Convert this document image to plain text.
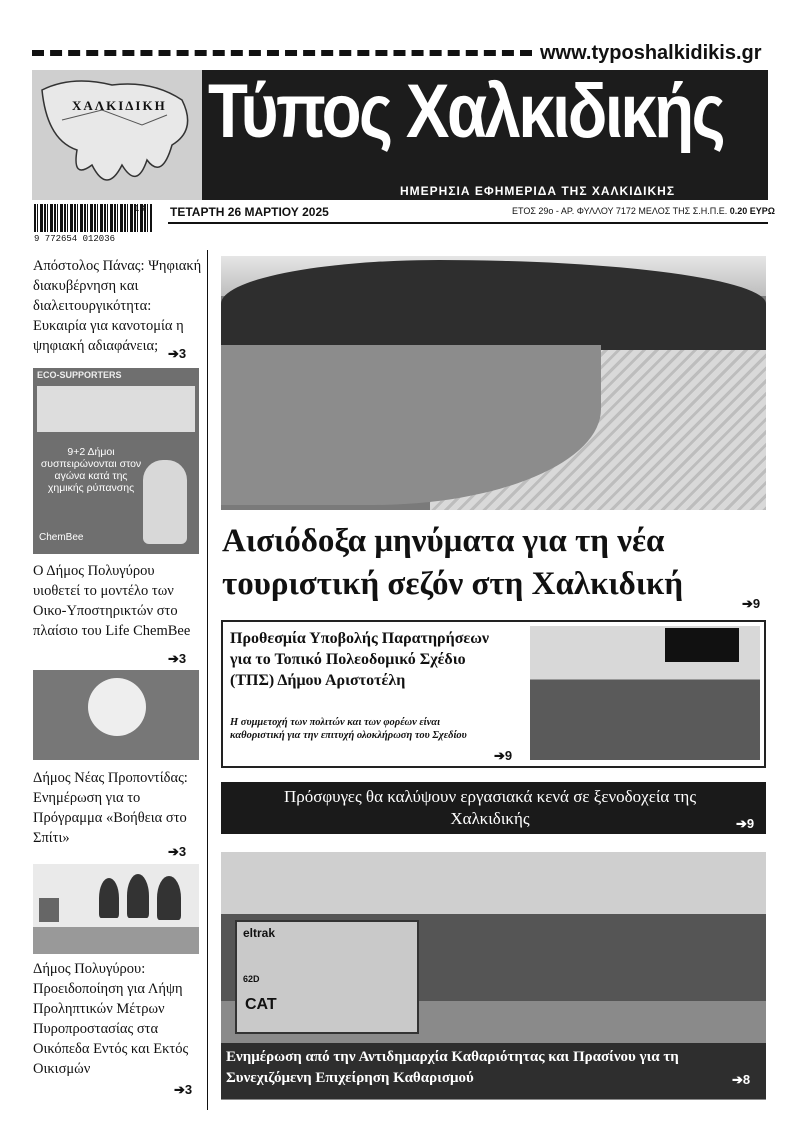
www.typoshalkidikis.gr
ΧΑΛΚΙΔΙΚΗ Τύπος Χαλκιδικής
ΗΜΕΡΗΣΙΑ ΕΦΗΜΕΡΙΔΑ ΤΗΣ ΧΑΛΚΙΔΙΚΗΣ
13
9 772654 012036
ΤΕΤΑΡΤΗ 26 ΜΑΡΤΙΟΥ 2025	ΕΤΟΣ 29ο - ΑΡ. ΦΥΛΛΟΥ 7172 ΜΕΛΟΣ ΤΗΣ Σ.Η.Π.Ε. 0.20 ΕΥΡΩ
Απόστολος Πάνας: Ψηφιακή διακυβέρνηση και διαλειτουργικότητα: Ευκαιρία για κανοτομία η ψηφιακή αδιαφάνεια; ➔3
ECO-SUPPORTERS
9+2 Δήμοι συσπειρώνονται στον αγώνα κατά της χημικής ρύπανσης
ChemBee
Ο Δήμος Πολυγύρου υιοθετεί το μοντέλο των Οικο-Υποστηρικτών στο πλαίσιο του Life ChemBee
➔3
Δήμος Νέας Προποντίδας: Ενημέρωση για το Πρόγραμμα «Βοήθεια στο Σπίτι»
➔3
Δήμος Πολυγύρου: Προειδοποίηση για Λήψη Προληπτικών Μέτρων Πυροπροστασίας στα Οικόπεδα Εντός και Εκτός Οικισμών
➔3
Αισιόδοξα μηνύματα για τη νέα τουριστική σεζόν στη Χαλκιδική
➔9
Προθεσμία Υποβολής Παρατηρήσεων για το Τοπικό Πολεοδομικό Σχέδιο (ΤΠΣ) Δήμου Αριστοτέλη
Η συμμετοχή των πολιτών και των φορέων είναι καθοριστική για την επιτυχή ολοκλήρωση του Σχεδίου
➔9
Πρόσφυγες θα καλύψουν εργασιακά κενά σε ξενοδοχεία της Χαλκιδικής	➔9
eltrak
CAT
62D
Ενημέρωση από την Αντιδημαρχία Καθαριότητας και Πρασίνου για τη Συνεχιζόμενη Επιχείρηση Καθαρισμού	➔8
